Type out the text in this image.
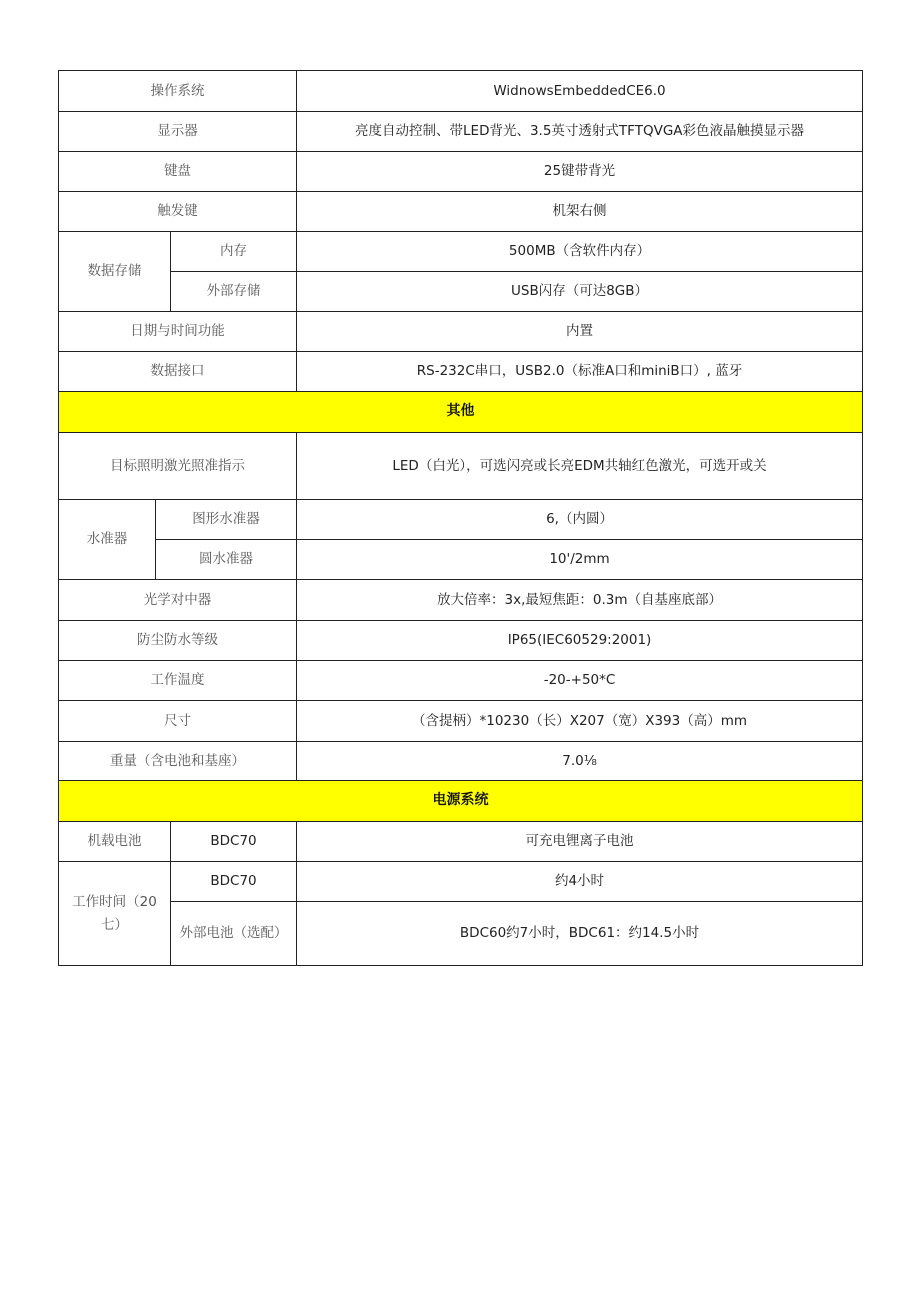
操作系统			WidnowsEmbeddedCE6.0
显示器			亮度自动控制、带LED背光、3.5英寸透射式TFTQVGA彩色液晶触摸显示器
键盘			25键带背光
触发键			机架右侧
数据存储		内存	500MB（含软件内存）
		外部存储	USB闪存（可达8GB）
日期与时间功能			内置
数据接口			RS-232C串口，USB2.0（标准A口和miniB口）, 蓝牙
其他			
目标照明激光照准指示			LED（白光），可选闪亮或长亮EDM共轴红色激光，可选开或关
水准器	图形水准器		6,（内圆）
	圆水准器		10'/2mm
光学对中器			放大倍率：3x,最短焦距：0.3m（自基座底部）
防尘防水等级			IP65(IEC60529:2001)
工作温度			-20-+50*C
尺寸			（含提柄）*10230（长）X207（宽）X393（高）mm
重量（含电池和基座）			7.0⅛
电源系统			
机载电池		BDC70	可充电锂离子电池
工作时间（20七）		BDC70	约4小时
		外部电池（选配）	BDC60约7小时，BDC61：约14.5小时
